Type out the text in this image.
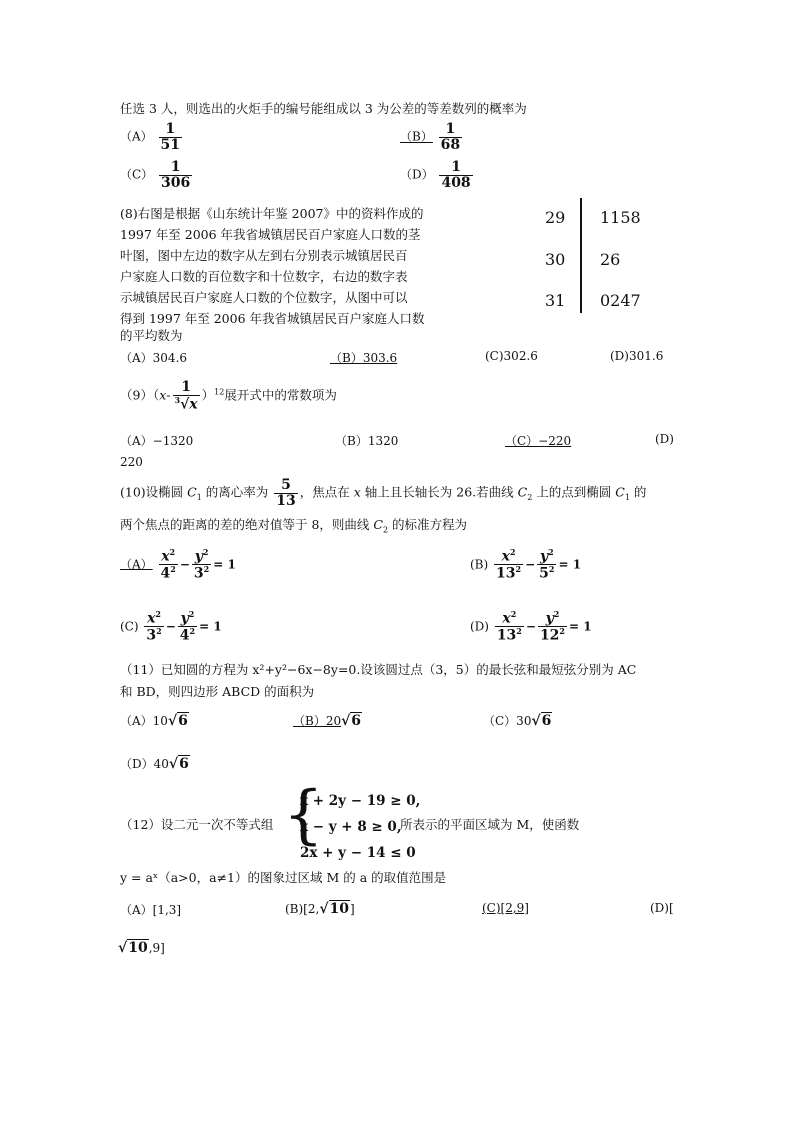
任选 3 人，则选出的火炬手的编号能组成以 3 为公差的等差数列的概率为
$(A) \frac{1}{51}$	$(B) \frac{1}{68}$
$(C) \frac{1}{306}$	$(D) \frac{1}{408}$
(8)右图是根据《山东统计年鉴 2007》中的资料作成的
1997 年至 2006 年我省城镇居民百户家庭人口数的茎
叶图，图中左边的数字从左到右分别表示城镇居民百
户家庭人口数的百位数字和十位数字，右边的数字表
示城镇居民百户家庭人口数的个位数字，从图中可以
得到 1997 年至 2006 年我省城镇居民百户家庭人口数
的平均数为
29 1158
30 26
31 0247
（A）304.6	（B）303.6	(C)302.6	(D)301.6
$(9)(x- \frac{1}{^3√x} )^{12}$展开式中的常数项为
（A）−1320	（B）1320	（C）−220	(D)
220
(10)设椭圆 $C_1$ 的离心率为 $\frac{5}{13}$ ，焦点在 x 轴上且长轴长为 26.若曲线 $C_2$ 上的点到椭圆 $C_1$ 的
两个焦点的距离的差的绝对值等于 8，则曲线 $C_2$ 的标准方程为
$(A) \frac{x^2}{4^2} - \frac{y^2}{3^2} = 1$	$(B) \frac{x^2}{13^2} - \frac{y^2}{5^2} = 1$
$(C) \frac{x^2}{3^2} - \frac{y^2}{4^2} = 1$	$(D) \frac{x^2}{13^2} - \frac{y^2}{12^2} = 1$
（11）已知圆的方程为 x²+y²−6x−8y=0.设该圆过点（3，5）的最长弦和最短弦分别为 AC
和 BD，则四边形 ABCD 的面积为
（A）10√6	（B）20√6	（C）30√6
（D）40√6
（12）设二元一次不等式组 {
x + 2y − 19 ≥ 0,
x − y + 8 ≥ 0,
2x + y − 14 ≤ 0
所表示的平面区域为 M，使函数
y = aˣ（a>0，a≠1）的图象过区域 M 的 a 的取值范围是
（A）[1,3]	(B)[2,√10]	(C)[2,9]	(D)[
√10,9]
